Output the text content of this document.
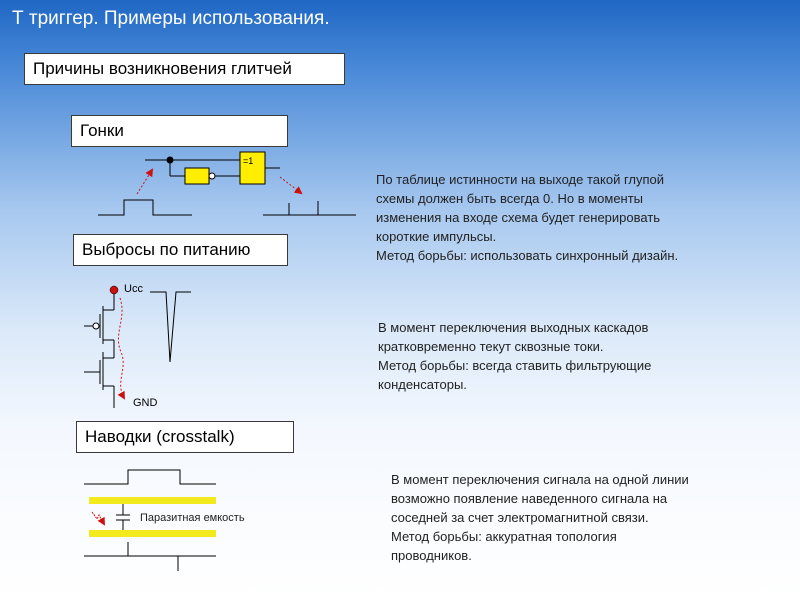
Т триггер. Примеры использования.
Причины возникновения глитчей
Гонки
Выбросы по питанию
Наводки (crosstalk)
По таблице истинности на выходе такой глупой
схемы должен быть всегда 0. Но в моменты
изменения на входе схема будет генерировать
короткие импульсы.
Метод борьбы: использовать синхронный дизайн.
В момент переключения выходных каскадов
кратковременно текут сквозные токи.
Метод борьбы: всегда ставить фильтрующие
конденсаторы.
В момент переключения сигнала на одной линии
возможно появление наведенного сигнала на
соседней за счет электромагнитной связи.
Метод борьбы: аккуратная топология
проводников.
=1
Ucc
GND
Паразитная емкость
